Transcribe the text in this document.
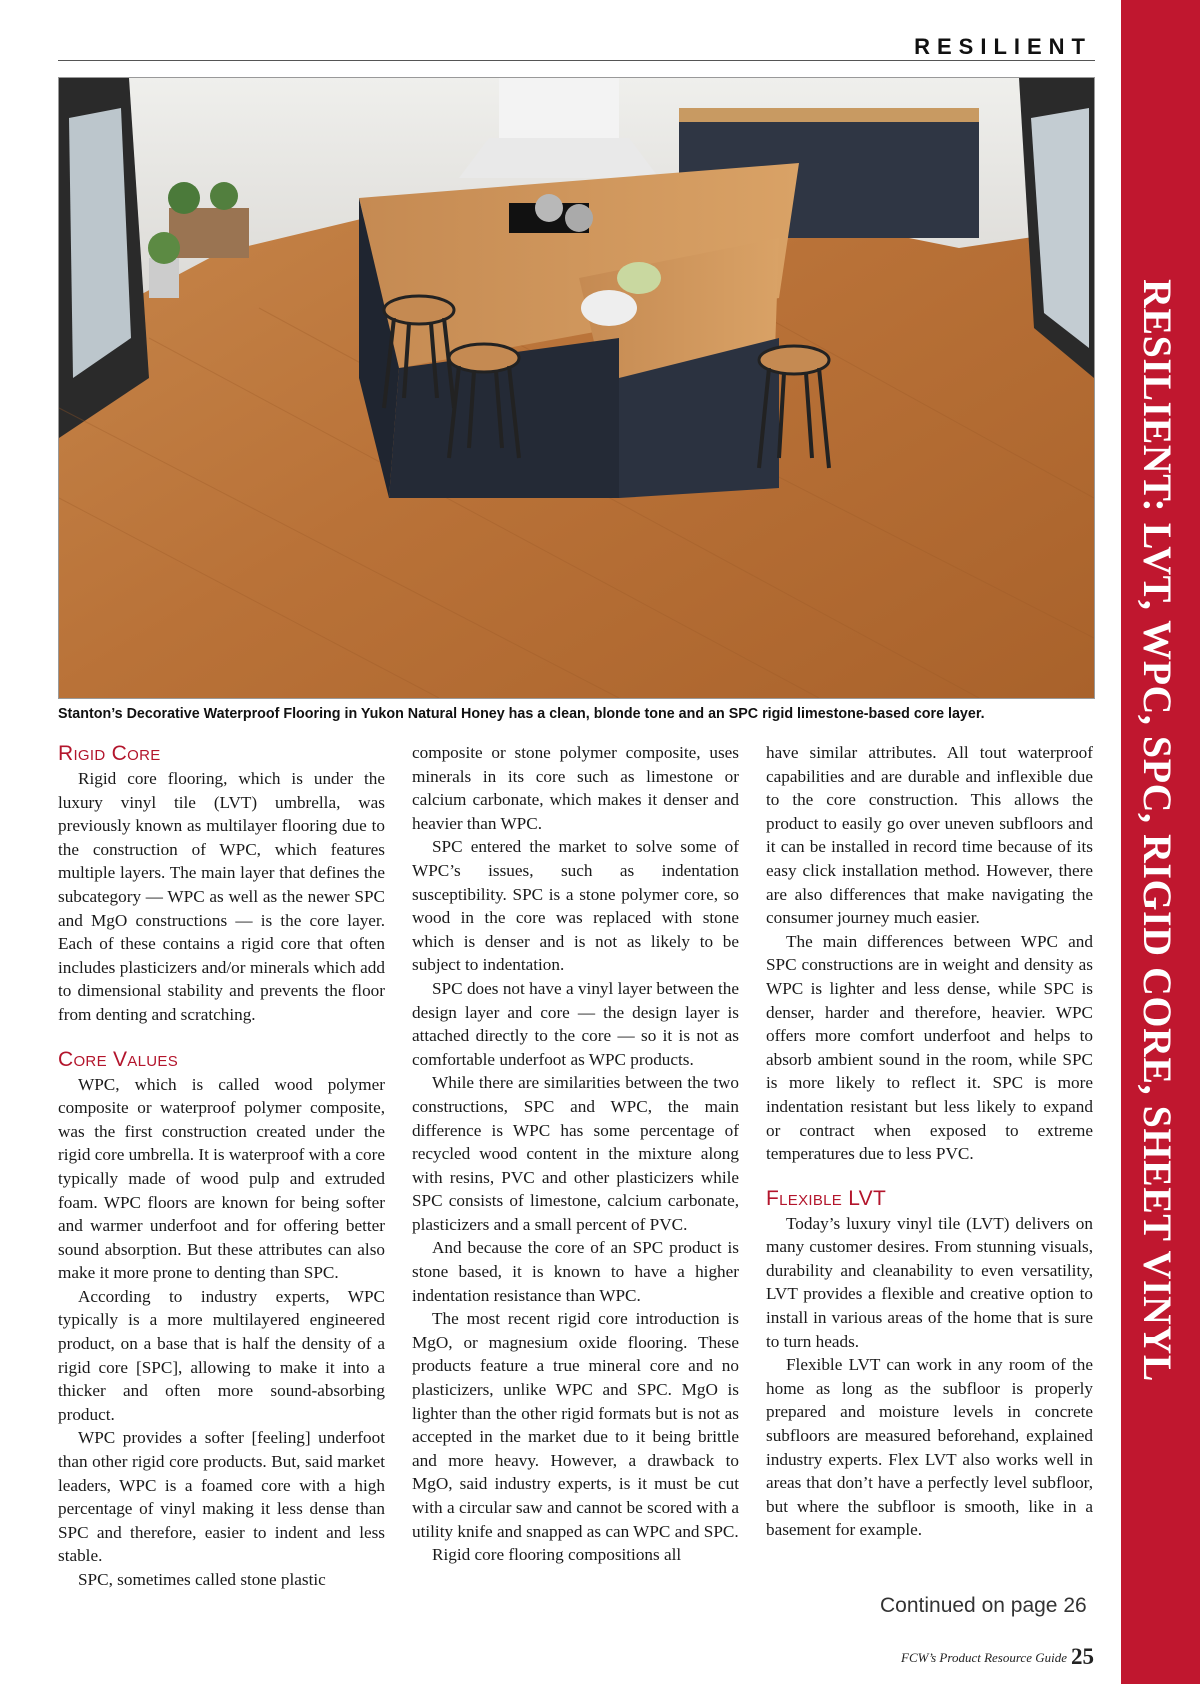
RESILIENT
RESILIENT: LVT, WPC, SPC, RIGID CORE, SHEET VINYL
Stanton’s Decorative Waterproof Flooring in Yukon Natural Honey has a clean, blonde tone and an SPC rigid limestone-based core layer.
Rigid Core

Rigid core flooring, which is under the luxury vinyl tile (LVT) umbrella, was previously known as multilayer flooring due to the construction of WPC, which features multiple layers. The main layer that defines the subcategory — WPC as well as the newer SPC and MgO constructions — is the core layer. Each of these contains a rigid core that often includes plasticizers and/or minerals which add to dimensional stability and prevents the floor from denting and scratching.

Core Values

WPC, which is called wood polymer composite or waterproof polymer composite, was the first construction created under the rigid core umbrella. It is waterproof with a core typically made of wood pulp and extruded foam. WPC floors are known for being softer and warmer underfoot and for offering better sound absorption. But these attributes can also make it more prone to denting than SPC.

According to industry experts, WPC typically is a more multilayered engineered product, on a base that is half the density of a rigid core [SPC], allowing to make it into a thicker and often more sound-absorbing product.

WPC provides a softer [feeling] underfoot than other rigid core products. But, said market leaders, WPC is a foamed core with a high percentage of vinyl making it less dense than SPC and therefore, easier to indent and less stable.

SPC, sometimes called stone plastic

composite or stone polymer composite, uses minerals in its core such as limestone or calcium carbonate, which makes it denser and heavier than WPC.

SPC entered the market to solve some of WPC’s issues, such as indentation susceptibility. SPC is a stone polymer core, so wood in the core was replaced with stone which is denser and is not as likely to be subject to indentation.

SPC does not have a vinyl layer between the design layer and core — the design layer is attached directly to the core — so it is not as comfortable underfoot as WPC products.

While there are similarities between the two constructions, SPC and WPC, the main difference is WPC has some percentage of recycled wood content in the mixture along with resins, PVC and other plasticizers while SPC consists of limestone, calcium carbonate, plasticizers and a small percent of PVC.

And because the core of an SPC product is stone based, it is known to have a higher indentation resistance than WPC.

The most recent rigid core introduction is MgO, or magnesium oxide flooring. These products feature a true mineral core and no plasticizers, unlike WPC and SPC. MgO is lighter than the other rigid formats but is not as accepted in the market due to it being brittle and more heavy. However, a drawback to MgO, said industry experts, is it must be cut with a circular saw and cannot be scored with a utility knife and snapped as can WPC and SPC.

Rigid core flooring compositions all

have similar attributes. All tout waterproof capabilities and are durable and inflexible due to the core construction. This allows the product to easily go over uneven subfloors and it can be installed in record time because of its easy click installation method. However, there are also differences that make navigating the consumer journey much easier.

The main differences between WPC and SPC constructions are in weight and density as WPC is lighter and less dense, while SPC is denser, harder and therefore, heavier. WPC offers more comfort underfoot and helps to absorb ambient sound in the room, while SPC is more likely to reflect it. SPC is more indentation resistant but less likely to expand or contract when exposed to extreme temperatures due to less PVC.

Flexible LVT

Today’s luxury vinyl tile (LVT) delivers on many customer desires. From stunning visuals, durability and cleanability to even versatility, LVT provides a flexible and creative option to install in various areas of the home that is sure to turn heads.

Flexible LVT can work in any room of the home as long as the subfloor is properly prepared and moisture levels in concrete subfloors are measured beforehand, explained industry experts. Flex LVT also works well in areas that don’t have a perfectly level subfloor, but where the subfloor is smooth, like in a basement for example.

Continued on page 26
FCW’s Product Resource Guide 25
